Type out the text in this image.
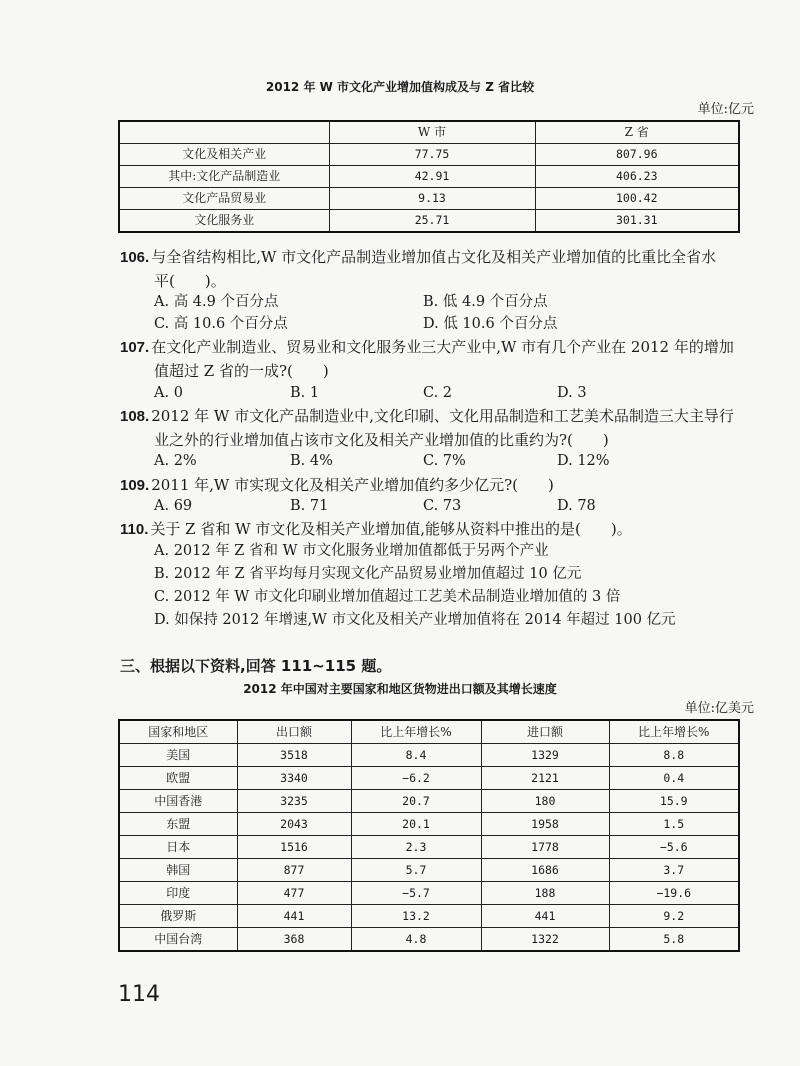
2012 年 W 市文化产业增加值构成及与 Z 省比较
单位:亿元
	W 市	Z 省
文化及相关产业	77.75	807.96
其中:文化产品制造业	42.91	406.23
文化产品贸易业	9.13	100.42
文化服务业	25.71	301.31
106. 与全省结构相比,W 市文化产品制造业增加值占文化及相关产业增加值的比重比全省水
平(　　)。
A. 高 4.9 个百分点	B. 低 4.9 个百分点
C. 高 10.6 个百分点	D. 低 10.6 个百分点
107. 在文化产业制造业、贸易业和文化服务业三大产业中,W 市有几个产业在 2012 年的增加
值超过 Z 省的一成?(　　)
A. 0	B. 1	C. 2	D. 3
108. 2012 年 W 市文化产品制造业中,文化印刷、文化用品制造和工艺美术品制造三大主导行
业之外的行业增加值占该市文化及相关产业增加值的比重约为?(　　)
A. 2%	B. 4%	C. 7%	D. 12%
109. 2011 年,W 市实现文化及相关产业增加值约多少亿元?(　　)
A. 69	B. 71	C. 73	D. 78
110. 关于 Z 省和 W 市文化及相关产业增加值,能够从资料中推出的是(　　)。
A. 2012 年 Z 省和 W 市文化服务业增加值都低于另两个产业
B. 2012 年 Z 省平均每月实现文化产品贸易业增加值超过 10 亿元
C. 2012 年 W 市文化印刷业增加值超过工艺美术品制造业增加值的 3 倍
D. 如保持 2012 年增速,W 市文化及相关产业增加值将在 2014 年超过 100 亿元
三、根据以下资料,回答 111~115 题。
2012 年中国对主要国家和地区货物进出口额及其增长速度
单位:亿美元
国家和地区	出口额	比上年增长%	进口额	比上年增长%
美国	3518	8.4	1329	8.8
欧盟	3340	−6.2	2121	0.4
中国香港	3235	20.7	180	15.9
东盟	2043	20.1	1958	1.5
日本	1516	2.3	1778	−5.6
韩国	877	5.7	1686	3.7
印度	477	−5.7	188	−19.6
俄罗斯	441	13.2	441	9.2
中国台湾	368	4.8	1322	5.8
114
